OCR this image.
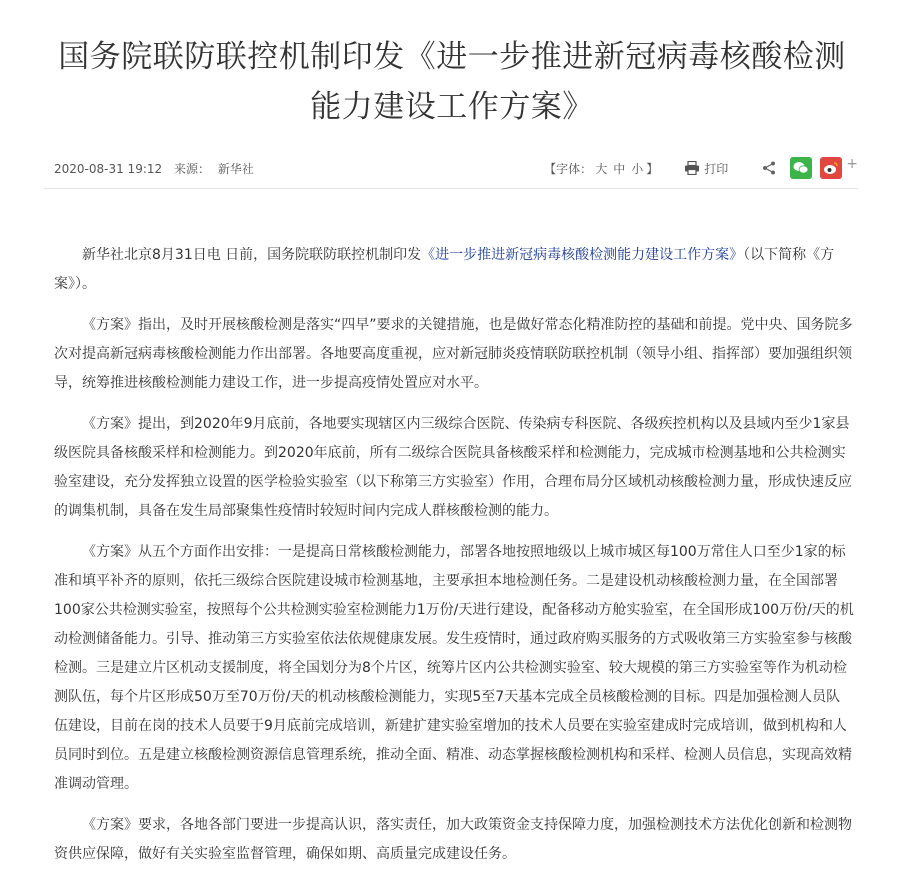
国务院联防联控机制印发《进一步推进新冠病毒核酸检测能力建设工作方案》
2020-08-31 19:12 来源： 新华社	【字体： 大 中 小 】	打印	+

新华社北京8月31日电 日前，国务院联防联控机制印发《进一步推进新冠病毒核酸检测能力建设工作方案》（以下简称《方案》）。

《方案》指出，及时开展核酸检测是落实“四早”要求的关键措施，也是做好常态化精准防控的基础和前提。党中央、国务院多次对提高新冠病毒核酸检测能力作出部署。各地要高度重视，应对新冠肺炎疫情联防联控机制（领导小组、指挥部）要加强组织领导，统筹推进核酸检测能力建设工作，进一步提高疫情处置应对水平。

《方案》提出，到2020年9月底前，各地要实现辖区内三级综合医院、传染病专科医院、各级疾控机构以及县域内至少1家县级医院具备核酸采样和检测能力。到2020年底前，所有二级综合医院具备核酸采样和检测能力，完成城市检测基地和公共检测实验室建设，充分发挥独立设置的医学检验实验室（以下称第三方实验室）作用，合理布局分区域机动核酸检测力量，形成快速反应的调集机制，具备在发生局部聚集性疫情时较短时间内完成人群核酸检测的能力。

《方案》从五个方面作出安排：一是提高日常核酸检测能力，部署各地按照地级以上城市城区每100万常住人口至少1家的标准和填平补齐的原则，依托三级综合医院建设城市检测基地，主要承担本地检测任务。二是建设机动核酸检测力量，在全国部署100家公共检测实验室，按照每个公共检测实验室检测能力1万份/天进行建设，配备移动方舱实验室，在全国形成100万份/天的机动检测储备能力。引导、推动第三方实验室依法依规健康发展。发生疫情时，通过政府购买服务的方式吸收第三方实验室参与核酸检测。三是建立片区机动支援制度，将全国划分为8个片区，统筹片区内公共检测实验室、较大规模的第三方实验室等作为机动检测队伍，每个片区形成50万至70万份/天的机动核酸检测能力，实现5至7天基本完成全员核酸检测的目标。四是加强检测人员队伍建设，目前在岗的技术人员要于9月底前完成培训，新建扩建实验室增加的技术人员要在实验室建成时完成培训，做到机构和人员同时到位。五是建立核酸检测资源信息管理系统，推动全面、精准、动态掌握核酸检测机构和采样、检测人员信息，实现高效精准调动管理。

《方案》要求，各地各部门要进一步提高认识，落实责任，加大政策资金支持保障力度，加强检测技术方法优化创新和检测物资供应保障，做好有关实验室监督管理，确保如期、高质量完成建设任务。
